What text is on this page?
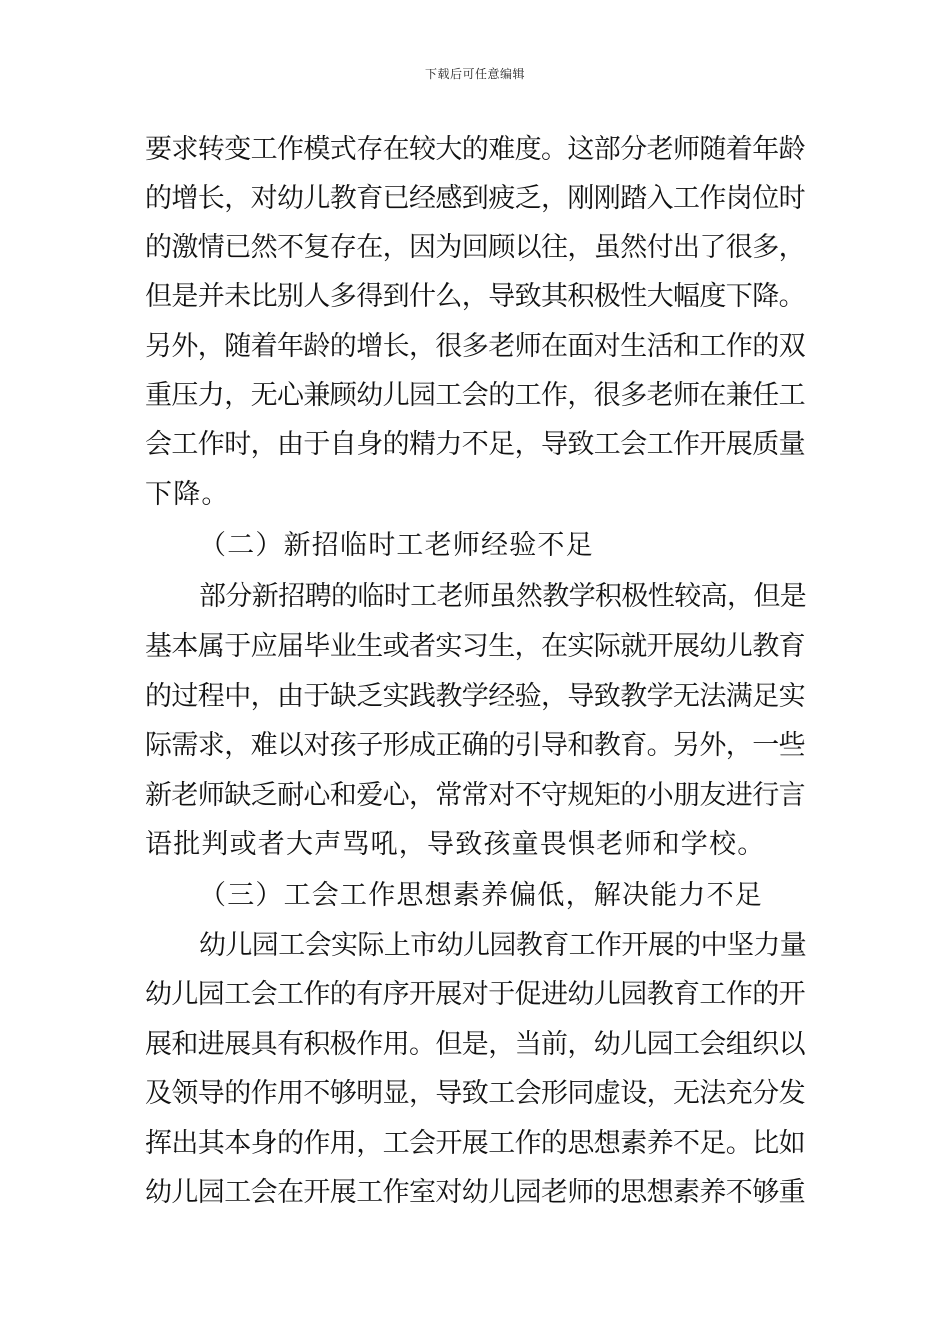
下载后可任意编辑
要求转变工作模式存在较大的难度。这部分老师随着年龄
的增长，对幼儿教育已经感到疲乏，刚刚踏入工作岗位时
的激情已然不复存在，因为回顾以往，虽然付出了很多，
但是并未比别人多得到什么，导致其积极性大幅度下降。
另外，随着年龄的增长，很多老师在面对生活和工作的双
重压力，无心兼顾幼儿园工会的工作，很多老师在兼任工
会工作时，由于自身的精力不足，导致工会工作开展质量
下降。
（二）新招临时工老师经验不足
部分新招聘的临时工老师虽然教学积极性较高，但是
基本属于应届毕业生或者实习生，在实际就开展幼儿教育
的过程中，由于缺乏实践教学经验，导致教学无法满足实
际需求，难以对孩子形成正确的引导和教育。另外，一些
新老师缺乏耐心和爱心，常常对不守规矩的小朋友进行言
语批判或者大声骂吼，导致孩童畏惧老师和学校。
（三）工会工作思想素养偏低，解决能力不足
幼儿园工会实际上市幼儿园教育工作开展的中坚力量
幼儿园工会工作的有序开展对于促进幼儿园教育工作的开
展和进展具有积极作用。但是，当前，幼儿园工会组织以
及领导的作用不够明显，导致工会形同虚设，无法充分发
挥出其本身的作用，工会开展工作的思想素养不足。比如
幼儿园工会在开展工作室对幼儿园老师的思想素养不够重
